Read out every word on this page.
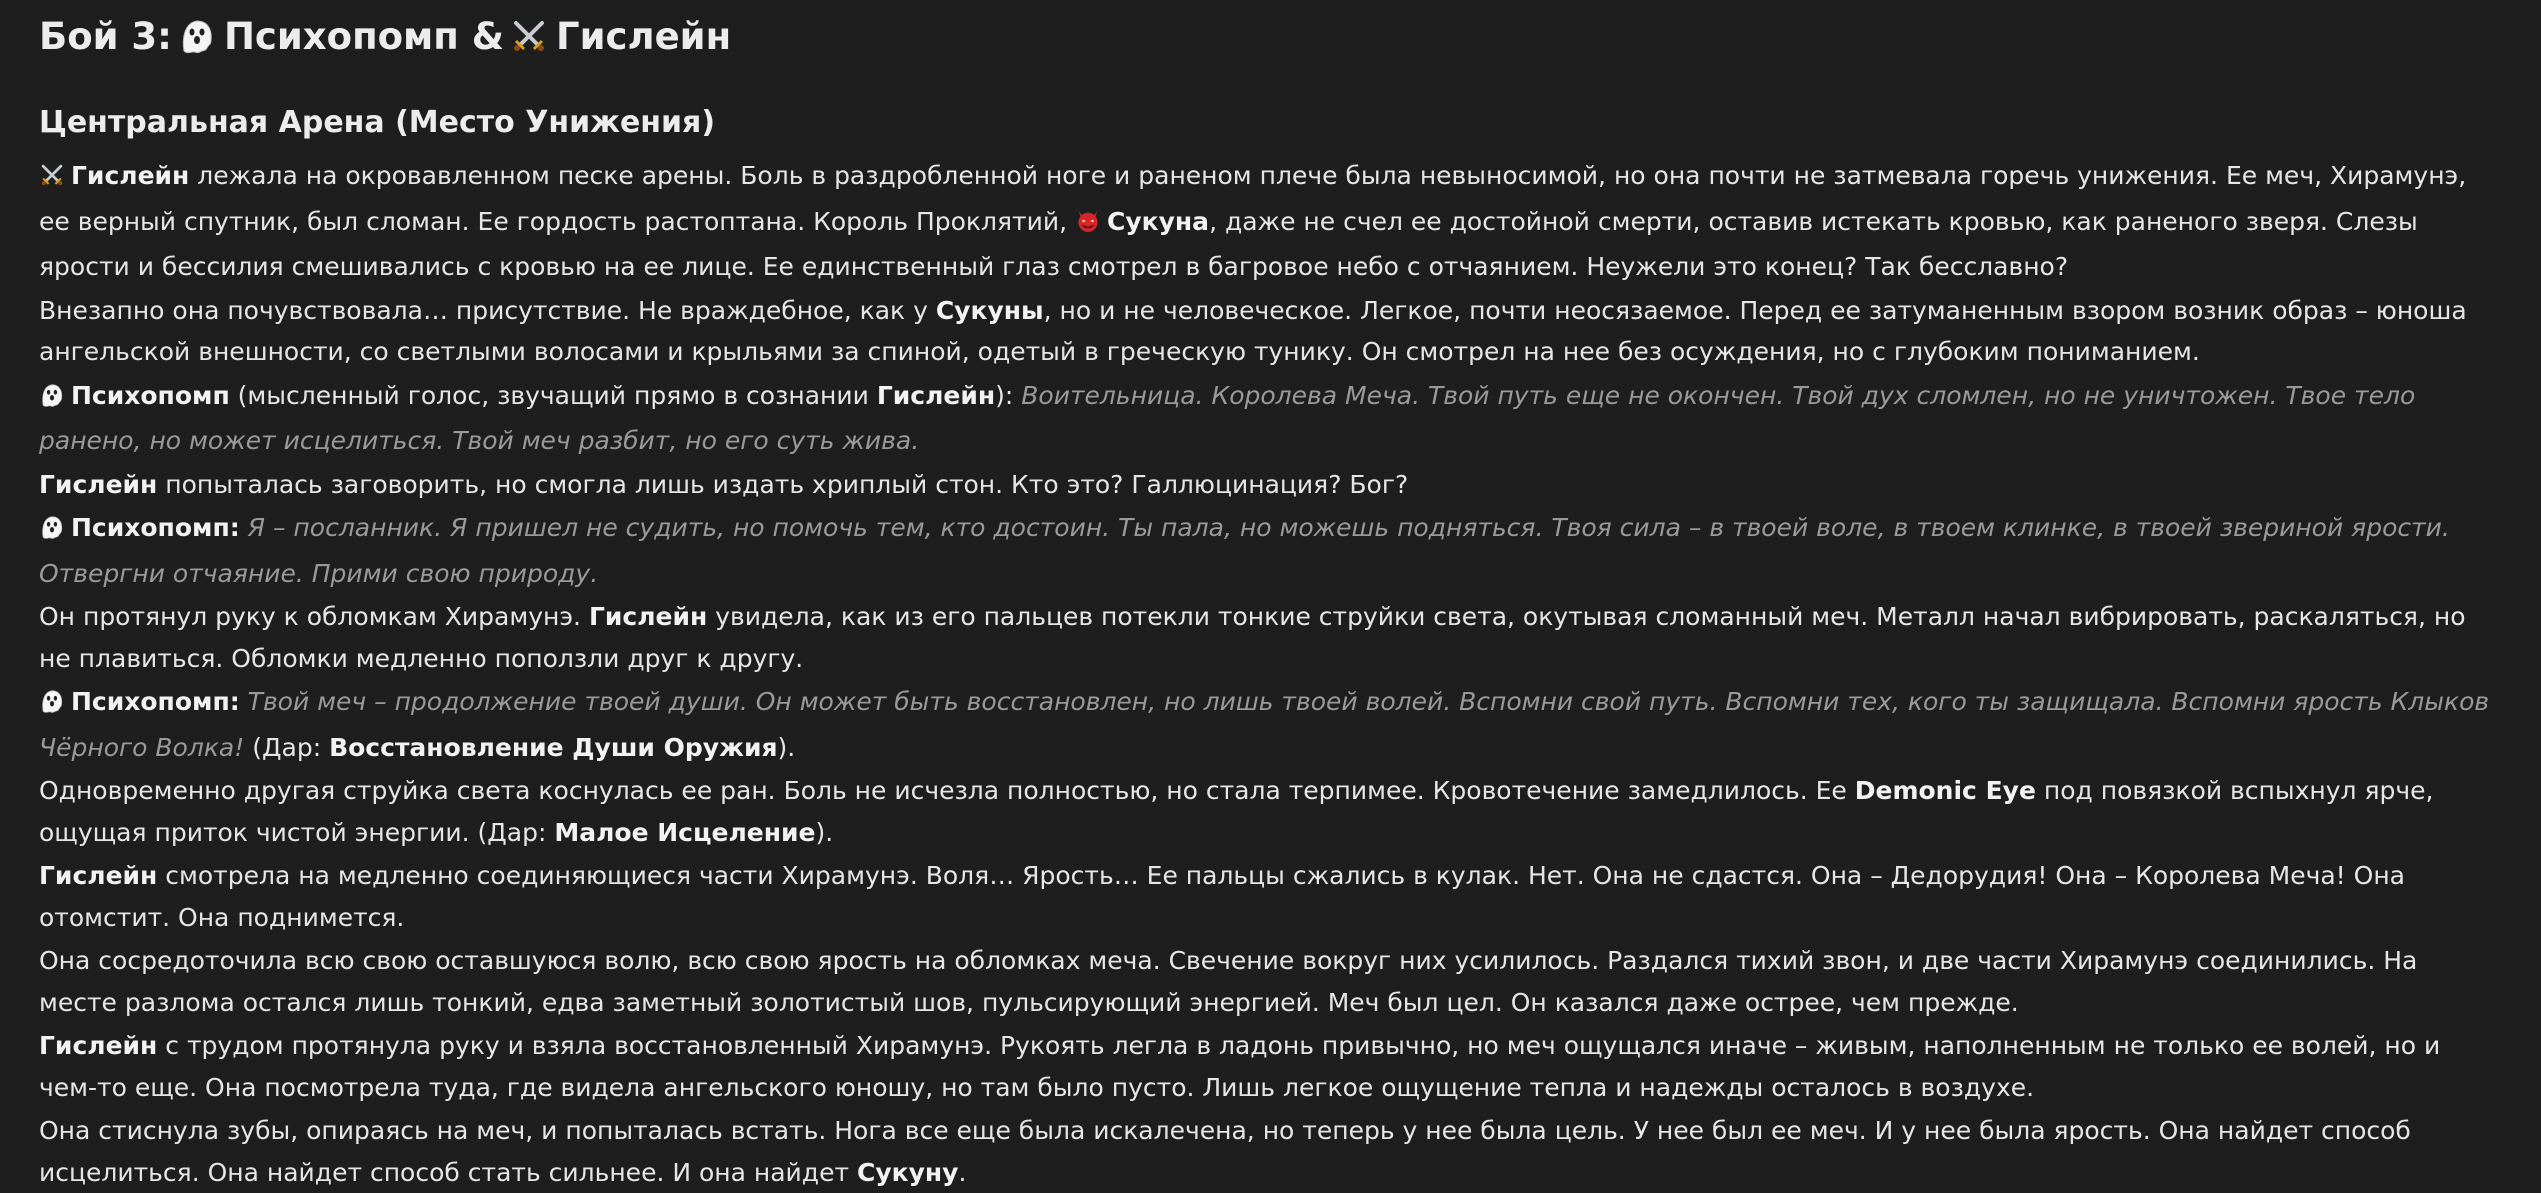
Бой 3: Психопомп & Гислейн
Центральная Арена (Место Унижения)

Гислейн лежала на окровавленном песке арены. Боль в раздробленной ноге и раненом плече была невыносимой, но она почти не затмевала горечь унижения. Ее меч, Хирамунэ, ее верный спутник, был сломан. Ее гордость растоптана. Король Проклятий, Сукуна, даже не счел ее достойной смерти, оставив истекать кровью, как раненого зверя. Слезы ярости и бессилия смешивались с кровью на ее лице. Ее единственный глаз смотрел в багровое небо с отчаянием. Неужели это конец? Так бесславно?

Внезапно она почувствовала… присутствие. Не враждебное, как у Сукуны, но и не человеческое. Легкое, почти неосязаемое. Перед ее затуманенным взором возник образ – юноша ангельской внешности, со светлыми волосами и крыльями за спиной, одетый в греческую тунику. Он смотрел на нее без осуждения, но с глубоким пониманием.

Психопомп (мысленный голос, звучащий прямо в сознании Гислейн): Воительница. Королева Меча. Твой путь еще не окончен. Твой дух сломлен, но не уничтожен. Твое тело ранено, но может исцелиться. Твой меч разбит, но его суть жива.

Гислейн попыталась заговорить, но смогла лишь издать хриплый стон. Кто это? Галлюцинация? Бог?

Психопомп: Я – посланник. Я пришел не судить, но помочь тем, кто достоин. Ты пала, но можешь подняться. Твоя сила – в твоей воле, в твоем клинке, в твоей звериной ярости. Отвергни отчаяние. Прими свою природу.

Он протянул руку к обломкам Хирамунэ. Гислейн увидела, как из его пальцев потекли тонкие струйки света, окутывая сломанный меч. Металл начал вибрировать, раскаляться, но не плавиться. Обломки медленно поползли друг к другу.

Психопомп: Твой меч – продолжение твоей души. Он может быть восстановлен, но лишь твоей волей. Вспомни свой путь. Вспомни тех, кого ты защищала. Вспомни ярость Клыков Чёрного Волка! (Дар: Восстановление Души Оружия).

Одновременно другая струйка света коснулась ее ран. Боль не исчезла полностью, но стала терпимее. Кровотечение замедлилось. Ее Demonic Eye под повязкой вспыхнул ярче, ощущая приток чистой энергии. (Дар: Малое Исцеление).

Гислейн смотрела на медленно соединяющиеся части Хирамунэ. Воля… Ярость… Ее пальцы сжались в кулак. Нет. Она не сдастся. Она – Дедорудия! Она – Королева Меча! Она отомстит. Она поднимется.

Она сосредоточила всю свою оставшуюся волю, всю свою ярость на обломках меча. Свечение вокруг них усилилось. Раздался тихий звон, и две части Хирамунэ соединились. На месте разлома остался лишь тонкий, едва заметный золотистый шов, пульсирующий энергией. Меч был цел. Он казался даже острее, чем прежде.

Гислейн с трудом протянула руку и взяла восстановленный Хирамунэ. Рукоять легла в ладонь привычно, но меч ощущался иначе – живым, наполненным не только ее волей, но и чем-то еще. Она посмотрела туда, где видела ангельского юношу, но там было пусто. Лишь легкое ощущение тепла и надежды осталось в воздухе.

Она стиснула зубы, опираясь на меч, и попыталась встать. Нога все еще была искалечена, но теперь у нее была цель. У нее был ее меч. И у нее была ярость. Она найдет способ исцелиться. Она найдет способ стать сильнее. И она найдет Сукуну.
